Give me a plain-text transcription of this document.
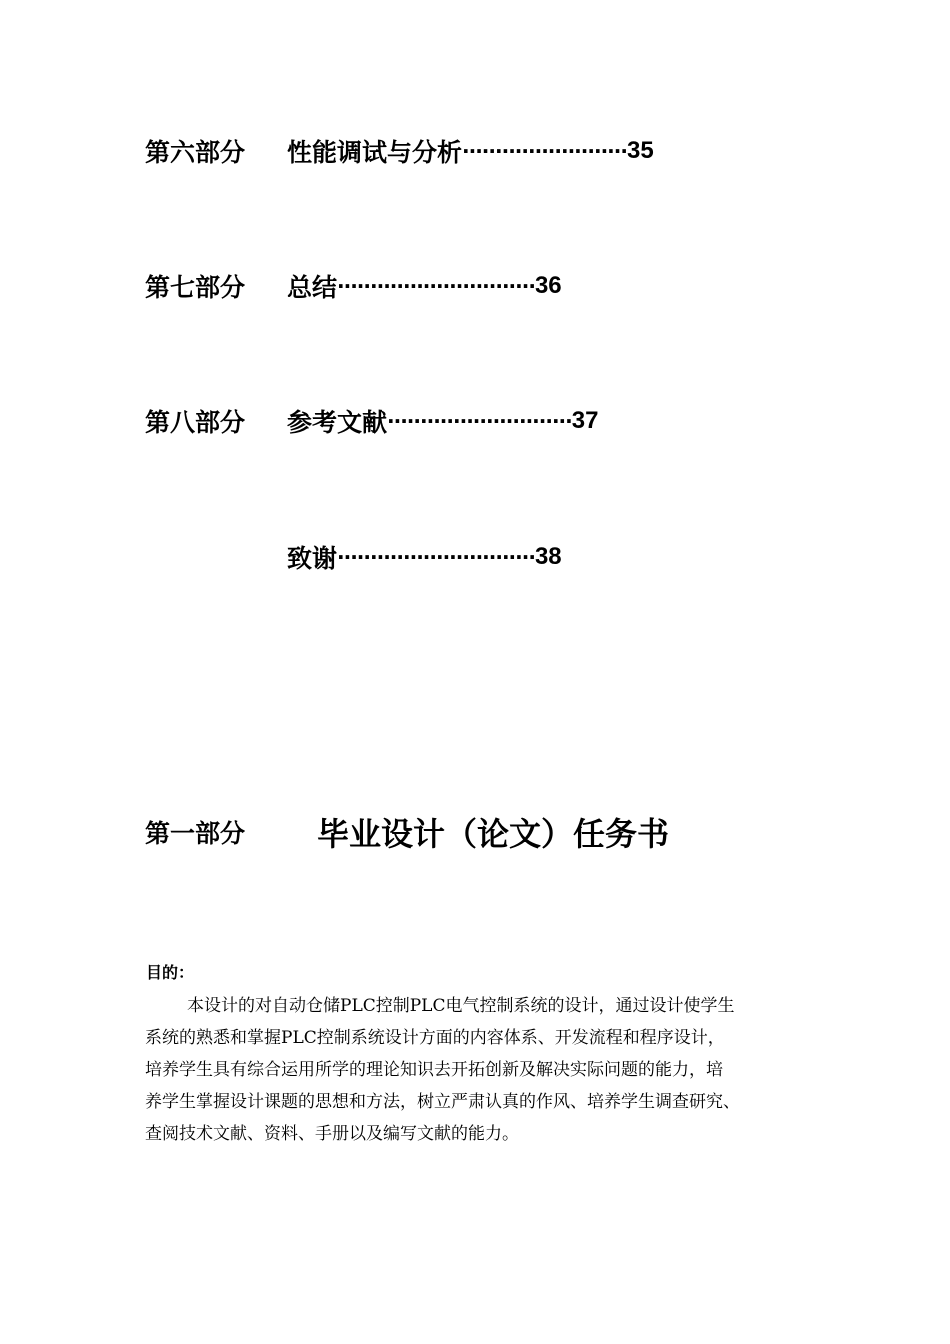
第六部分	性能调试与分析 ························· 35
第七部分	总结 ······························ 36
第八部分	参考文献 ···························· 37
致谢 ······························ 38
第一部分	毕业设计（论文）任务书
目的：
本设计的对自动仓储PLC控制PLC电气控制系统的设计，通过设计使学生
系统的熟悉和掌握PLC控制系统设计方面的内容体系、开发流程和程序设计，
培养学生具有综合运用所学的理论知识去开拓创新及解决实际问题的能力，培
养学生掌握设计课题的思想和方法，树立严肃认真的作风、培养学生调查研究、
查阅技术文献、资料、手册以及编写文献的能力。
